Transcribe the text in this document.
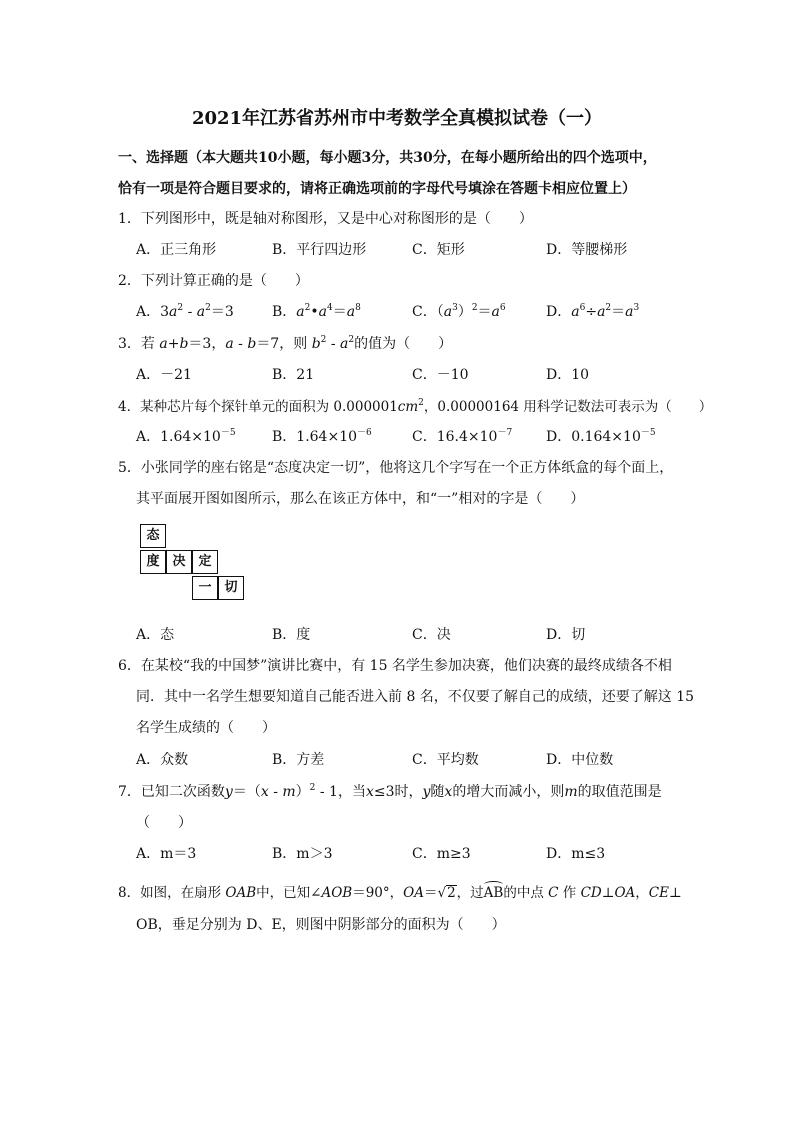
2021年江苏省苏州市中考数学全真模拟试卷（一）
一、选择题（本大题共10小题，每小题3分，共30分，在每小题所给出的四个选项中，
恰有一项是符合题目要求的，请将正确选项前的字母代号填涂在答题卡相应位置上）
1．下列图形中，既是轴对称图形，又是中心对称图形的是（　　）
A．正三角形	B．平行四边形	C．矩形	D．等腰梯形
2．下列计算正确的是（　　）
A．$3a^2 - a^2=3$	B．$a^2•a^4=a^8$	C．$(a^3)^2=a^6$	D．$a^6\div a^2=a^3$
3．若 a+b＝3，a - b＝7，则 $b^2 - a^2$的值为（　　）
A．－21	B．21	C．－10	D．10
4．某种芯片每个探针单元的面积为 $0.000001cm^2$，0.00000164 用科学记数法可表示为（　　）
A．$1.64\times 10^{-5}$	B．$1.64\times 10^{-6}$	C．$16.4\times 10^{-7}$ D．$0.164\times 10^{-5}$
5．小张同学的座右铭是“态度决定一切”，他将这几个字写在一个正方体纸盒的每个面上，
其平面展开图如图所示，那么在该正方体中，和“一”相对的字是（　　）
态
度 决 定
一 切
A．态	B．度	C．决	D．切
6．在某校“我的中国梦”演讲比赛中，有 15 名学生参加决赛，他们决赛的最终成绩各不相
同．其中一名学生想要知道自己能否进入前 8 名，不仅要了解自己的成绩，还要了解这 15
名学生成绩的（　　）
A．众数	B．方差	C．平均数	D．中位数
7．已知二次函数y＝（x - m）$^2$ - 1，当x≤3时，y随x的增大而减小，则m的取值范围是
（　　）
A．m＝3	B．m＞3	C．m≥3	D．m≤3
8．如图，在扇形 OAB中，已知∠AOB＝90°，OA＝√2，过AB的中点 C 作 CD⊥OA，CE⊥
OB，垂足分别为 D、E，则图中阴影部分的面积为（　　）
